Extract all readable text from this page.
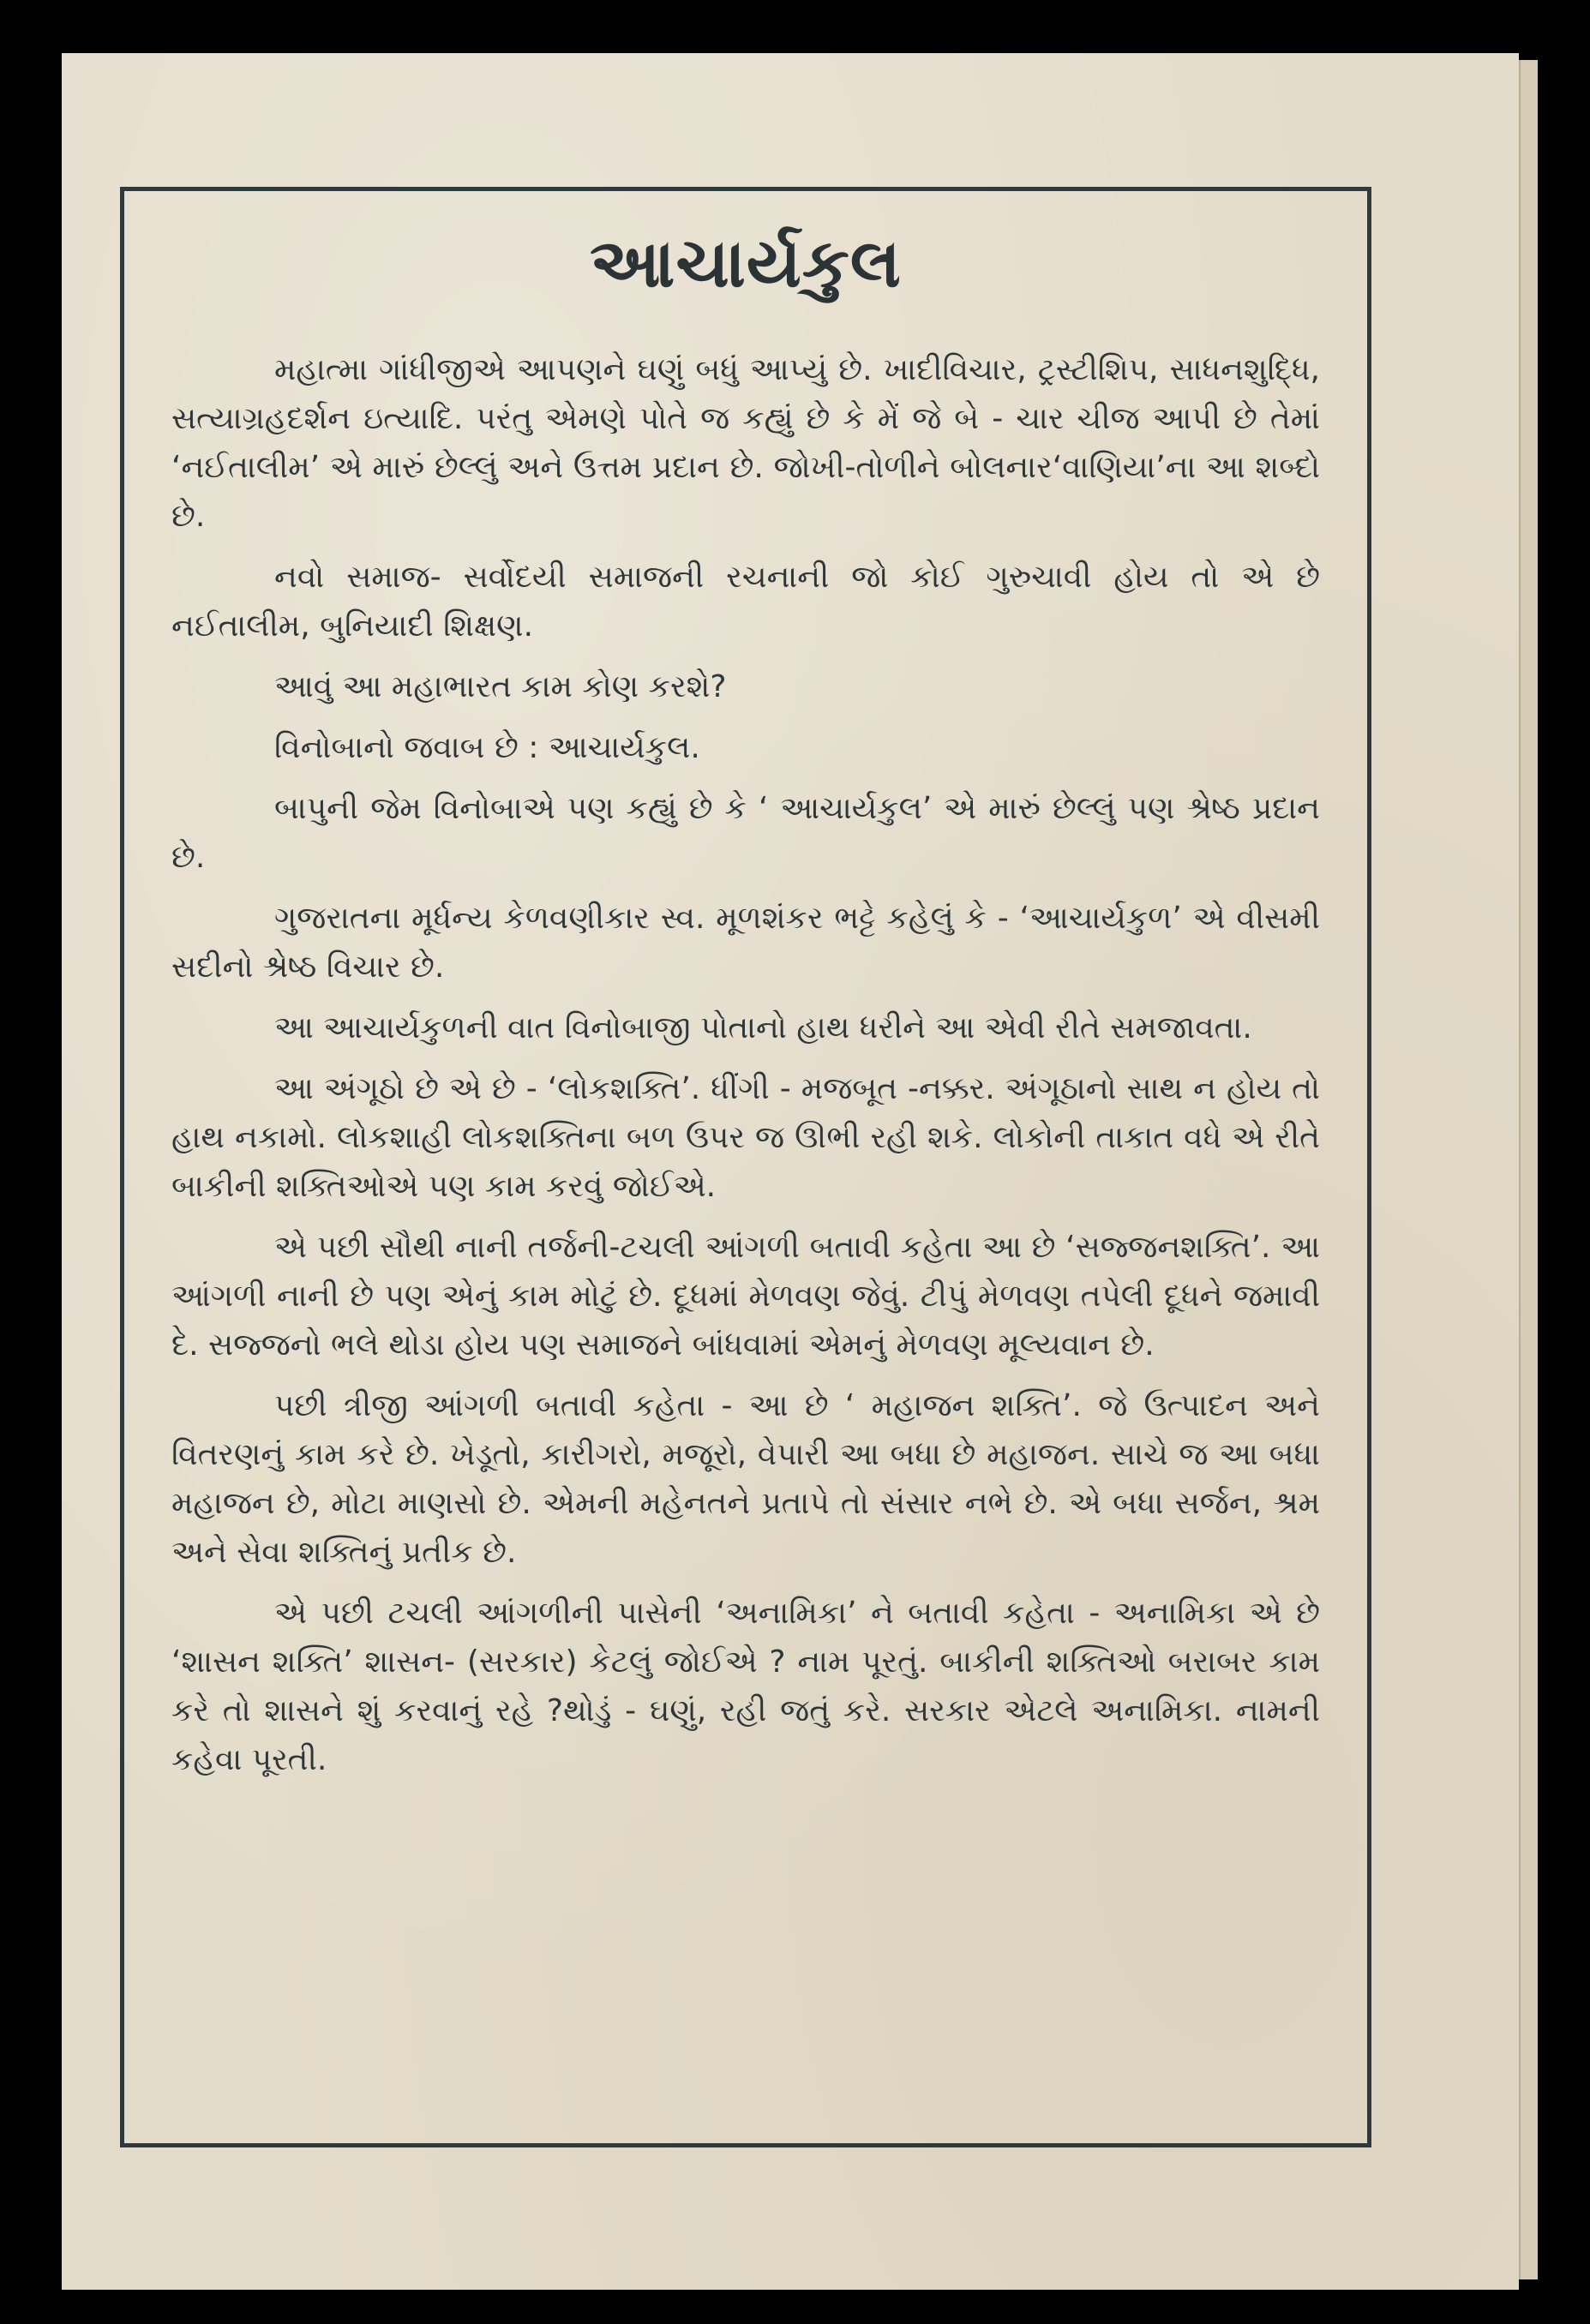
આચાર્યકુલ

મહાત્મા ગાંધીજીએ આપણને ઘણું બધું આપ્યું છે. ખાદીવિચાર, ટ્રસ્ટીશિપ, સાધનશુદ્ધિ, સત્યાગ્રહદર્શન ઇત્યાદિ. પરંતુ એમણે પોતે જ કહ્યું છે કે મેં જે બે - ચાર ચીજ આપી છે તેમાં ‘નઈતાલીમ’ એ મારું છેલ્લું અને ઉત્તમ પ્રદાન છે. જોખી-તોળીને બોલનાર‘વાણિયા’ના આ શબ્દો છે.

નવો સમાજ- સર્વોદયી સમાજની રચનાની જો કોઈ ગુરુચાવી હોય તો એ છે નઈતાલીમ, બુનિયાદી શિક્ષણ.

આવું આ મહાભારત કામ કોણ કરશે?

વિનોબાનો જવાબ છે : આચાર્યકુલ.

બાપુની જેમ વિનોબાએ પણ કહ્યું છે કે ‘ આચાર્યકુલ’ એ મારું છેલ્લું પણ શ્રેષ્ઠ પ્રદાન છે.

ગુજરાતના મૂર્ધન્ય કેળવણીકાર સ્વ. મૂળશંકર ભટ્ટે કહેલું કે - ‘આચાર્યકુળ’ એ વીસમી સદીનો શ્રેષ્ઠ વિચાર છે.

આ આચાર્યકુળની વાત વિનોબાજી પોતાનો હાથ ધરીને આ એવી રીતે સમજાવતા.

આ અંગૂઠો છે એ છે - ‘લોકશક્તિ’. ધીંગી - મજબૂત -નક્કર. અંગૂઠાનો સાથ ન હોય તો હાથ નકામો. લોકશાહી લોકશક્તિના બળ ઉપર જ ઊભી રહી શકે. લોકોની તાકાત વધે એ રીતે બાકીની શક્તિઓએ પણ કામ કરવું જોઈએ.

એ પછી સૌથી નાની તર્જની-ટચલી આંગળી બતાવી કહેતા આ છે ‘સજ્જનશક્તિ’. આ આંગળી નાની છે પણ એનું કામ મોટું છે. દૂધમાં મેળવણ જેવું. ટીપું મેળવણ તપેલી દૂધને જમાવી દે. સજ્જનો ભલે થોડા હોય પણ સમાજને બાંધવામાં એમનું મેળવણ મૂલ્યવાન છે.

પછી ત્રીજી આંગળી બતાવી કહેતા - આ છે ‘ મહાજન શક્તિ’. જે ઉત્પાદન અને વિતરણનું કામ કરે છે. ખેડૂતો, કારીગરો, મજૂરો, વેપારી આ બધા છે મહાજન. સાચે જ આ બધા મહાજન છે, મોટા માણસો છે. એમની મહેનતને પ્રતાપે તો સંસાર નભે છે. એ બધા સર્જન, શ્રમ અને સેવા શક્તિનું પ્રતીક છે.

એ પછી ટચલી આંગળીની પાસેની ‘અનામિકા’ ને બતાવી કહેતા - અનામિકા એ છે ‘શાસન શક્તિ’ શાસન- (સરકાર) કેટલું જોઈએ ? નામ પૂરતું. બાકીની શક્તિઓ બરાબર કામ કરે તો શાસને શું કરવાનું રહે ?થોડું - ઘણું, રહી જતું કરે. સરકાર એટલે અનામિકા. નામની કહેવા પૂરતી.
